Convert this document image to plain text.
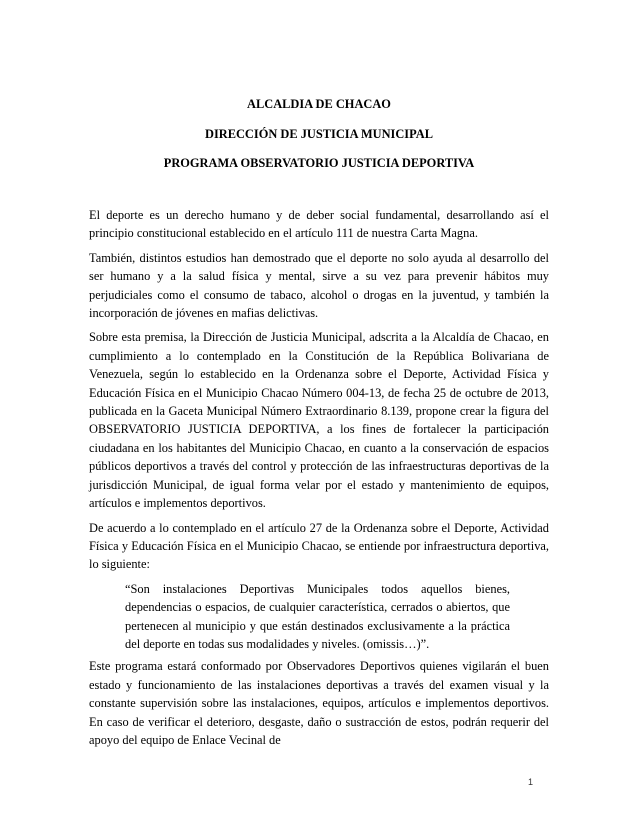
ALCALDIA DE CHACAO
DIRECCIÓN DE JUSTICIA MUNICIPAL
PROGRAMA OBSERVATORIO JUSTICIA DEPORTIVA

El deporte es un derecho humano y de deber social fundamental, desarrollando así el principio constitucional establecido en el artículo 111 de nuestra Carta Magna.

También, distintos estudios han demostrado que el deporte no solo ayuda al desarrollo del ser humano y a la salud física y mental, sirve a su vez para prevenir hábitos muy perjudiciales como el consumo de tabaco, alcohol o drogas en la juventud, y también la incorporación de jóvenes en mafias delictivas.

Sobre esta premisa, la Dirección de Justicia Municipal, adscrita a la Alcaldía de Chacao, en cumplimiento a lo contemplado en la Constitución de la República Bolivariana de Venezuela, según lo establecido en la Ordenanza sobre el Deporte, Actividad Física y Educación Física en el Municipio Chacao Número 004-13, de fecha 25 de octubre de 2013, publicada en la Gaceta Municipal Número Extraordinario 8.139, propone crear la figura del OBSERVATORIO JUSTICIA DEPORTIVA, a los fines de fortalecer la participación ciudadana en los habitantes del Municipio Chacao, en cuanto a la conservación de espacios públicos deportivos a través del control y protección de las infraestructuras deportivas de la jurisdicción Municipal, de igual forma velar por el estado y mantenimiento de equipos, artículos e implementos deportivos.

De acuerdo a lo contemplado en el artículo 27 de la Ordenanza sobre el Deporte, Actividad Física y Educación Física en el Municipio Chacao, se entiende por infraestructura deportiva, lo siguiente:

“Son instalaciones Deportivas Municipales todos aquellos bienes, dependencias o espacios, de cualquier característica, cerrados o abiertos, que pertenecen al municipio y que están destinados exclusivamente a la práctica del deporte en todas sus modalidades y niveles. (omissis…)”.

Este programa estará conformado por Observadores Deportivos quienes vigilarán el buen estado y funcionamiento de las instalaciones deportivas a través del examen visual y la constante supervisión sobre las instalaciones, equipos, artículos e implementos deportivos. En caso de verificar el deterioro, desgaste, daño o sustracción de estos, podrán requerir del apoyo del equipo de Enlace Vecinal de

1
